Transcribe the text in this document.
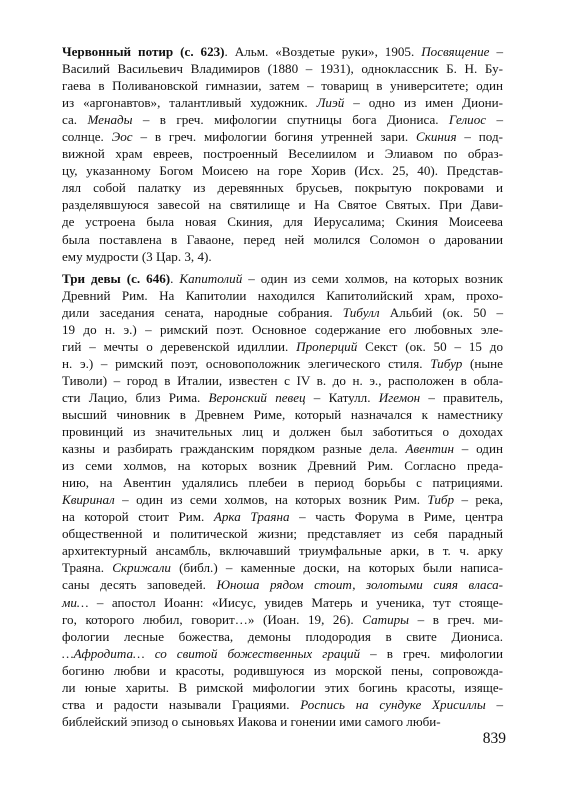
Червонный потир (с. 623). Альм. «Воздетые руки», 1905. Посвящение –
Василий Васильевич Владимиров (1880 – 1931), одноклассник Б. Н. Бу-
гаева в Поливановской гимназии, затем – товарищ в университете; один
из «аргонавтов», талантливый художник. Лиэй – одно из имен Диони-
са. Менады – в греч. мифологии спутницы бога Диониса. Гелиос –
солнце. Эос – в греч. мифологии богиня утренней зари. Скиния – под-
вижной храм евреев, построенный Веселиилом и Элиавом по образ-
цу, указанному Богом Моисею на горе Хорив (Исх. 25, 40). Представ-
лял собой палатку из деревянных брусьев, покрытую покровами и
разделявшуюся завесой на святилище и На Святое Святых. При Дави-
де устроена была новая Скиния, для Иерусалима; Скиния Моисеева
была поставлена в Гаваоне, перед ней молился Соломон о даровании
ему мудрости (3 Цар. 3, 4).
Три девы (с. 646). Капитолий – один из семи холмов, на которых возник
Древний Рим. На Капитолии находился Капитолийский храм, прохо-
дили заседания сената, народные собрания. Тибулл Альбий (ок. 50 –
19 до н. э.) – римский поэт. Основное содержание его любовных эле-
гий – мечты о деревенской идиллии. Проперций Секст (ок. 50 – 15 до
н. э.) – римский поэт, основоположник элегического стиля. Тибур (ныне
Тиволи) – город в Италии, известен с IV в. до н. э., расположен в обла-
сти Лацио, близ Рима. Веронский певец – Катулл. Игемон – правитель,
высший чиновник в Древнем Риме, который назначался к наместнику
провинций из значительных лиц и должен был заботиться о доходах
казны и разбирать гражданским порядком разные дела. Авентин – один
из семи холмов, на которых возник Древний Рим. Согласно преда-
нию, на Авентин удалялись плебеи в период борьбы с патрициями.
Квиринал – один из семи холмов, на которых возник Рим. Тибр – река,
на которой стоит Рим. Арка Траяна – часть Форума в Риме, центра
общественной и политической жизни; представляет из себя парадный
архитектурный ансамбль, включавший триумфальные арки, в т. ч. арку
Траяна. Скрижали (библ.) – каменные доски, на которых были написа-
саны десять заповедей. Юноша рядом стоит, золотыми сияя власа-
ми… – апостол Иоанн: «Иисус, увидев Матерь и ученика, тут стояще-
го, которого любил, говорит…» (Иоан. 19, 26). Сатиры – в греч. ми-
фологии лесные божества, демоны плодородия в свите Диониса.
…Афродита… со свитой божественных граций – в греч. мифологии
богиню любви и красоты, родившуюся из морской пены, сопровожда-
ли юные хариты. В римской мифологии этих богинь красоты, изяще-
ства и радости называли Грациями. Роспись на сундуке Хрисиллы –
библейский эпизод о сыновьях Иакова и гонении ими самого люби-
839
